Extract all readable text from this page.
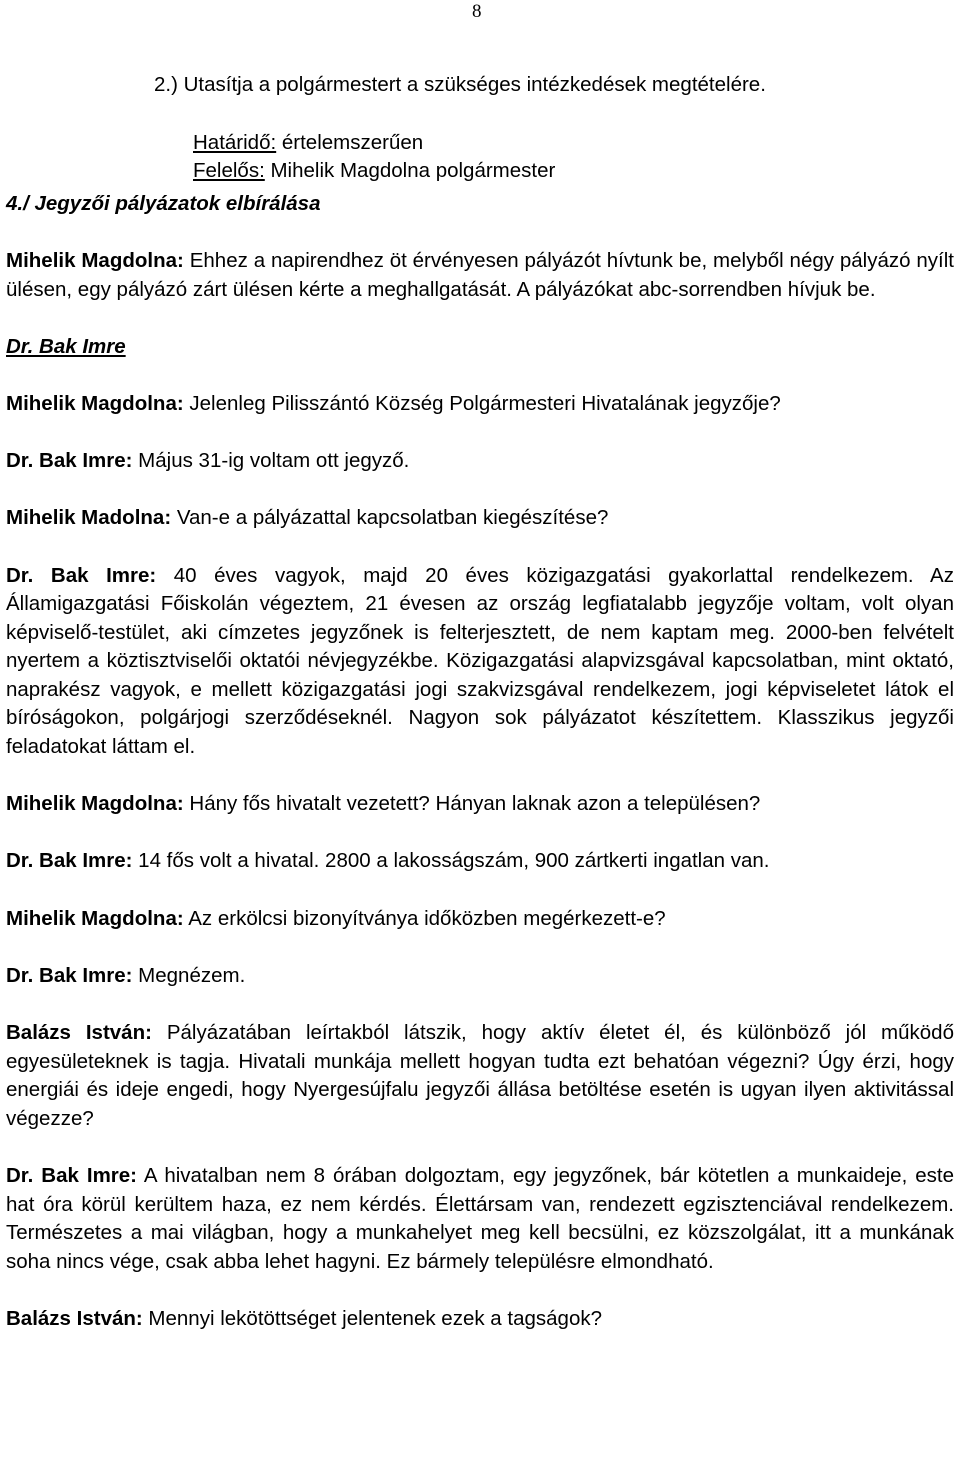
8
2.) Utasítja a polgármestert a szükséges intézkedések megtételére.
Határidő: értelemszerűen
Felelős: Mihelik Magdolna polgármester
4./ Jegyzői pályázatok elbírálása
Mihelik Magdolna: Ehhez a napirendhez öt érvényesen pályázót hívtunk be, melyből négy pályázó nyílt ülésen, egy pályázó zárt ülésen kérte a meghallgatását. A pályázókat abc-sorrendben hívjuk be.
Dr. Bak Imre
Mihelik Magdolna: Jelenleg Pilisszántó Község Polgármesteri Hivatalának jegyzője?
Dr. Bak Imre: Május 31-ig voltam ott jegyző.
Mihelik Madolna: Van-e a pályázattal kapcsolatban kiegészítése?
Dr. Bak Imre: 40 éves vagyok, majd 20 éves közigazgatási gyakorlattal rendelkezem. Az Államigazgatási Főiskolán végeztem, 21 évesen az ország legfiatalabb jegyzője voltam, volt olyan képviselő-testület, aki címzetes jegyzőnek is felterjesztett, de nem kaptam meg. 2000-ben felvételt nyertem a köztisztviselői oktatói névjegyzékbe. Közigazgatási alapvizsgával kapcsolatban, mint oktató, naprakész vagyok, e mellett közigazgatási jogi szakvizsgával rendelkezem, jogi képviseletet látok el bíróságokon, polgárjogi szerződéseknél. Nagyon sok pályázatot készítettem. Klasszikus jegyzői feladatokat láttam el.
Mihelik Magdolna: Hány fős hivatalt vezetett? Hányan laknak azon a településen?
Dr. Bak Imre: 14 fős volt a hivatal. 2800 a lakosságszám, 900 zártkerti ingatlan van.
Mihelik Magdolna: Az erkölcsi bizonyítványa időközben megérkezett-e?
Dr. Bak Imre: Megnézem.
Balázs István: Pályázatában leírtakból látszik, hogy aktív életet él, és különböző jól működő egyesületeknek is tagja. Hivatali munkája mellett hogyan tudta ezt behatóan végezni? Úgy érzi, hogy energiái és ideje engedi, hogy Nyergesújfalu jegyzői állása betöltése esetén is ugyan ilyen aktivitással végezze?
Dr. Bak Imre: A hivatalban nem 8 órában dolgoztam, egy jegyzőnek, bár kötetlen a munkaideje, este hat óra körül kerültem haza, ez nem kérdés. Élettársam van, rendezett egzisztenciával rendelkezem. Természetes a mai világban, hogy a munkahelyet meg kell becsülni, ez közszolgálat, itt a munkának soha nincs vége, csak abba lehet hagyni. Ez bármely településre elmondható.
Balázs István: Mennyi lekötöttséget jelentenek ezek a tagságok?
